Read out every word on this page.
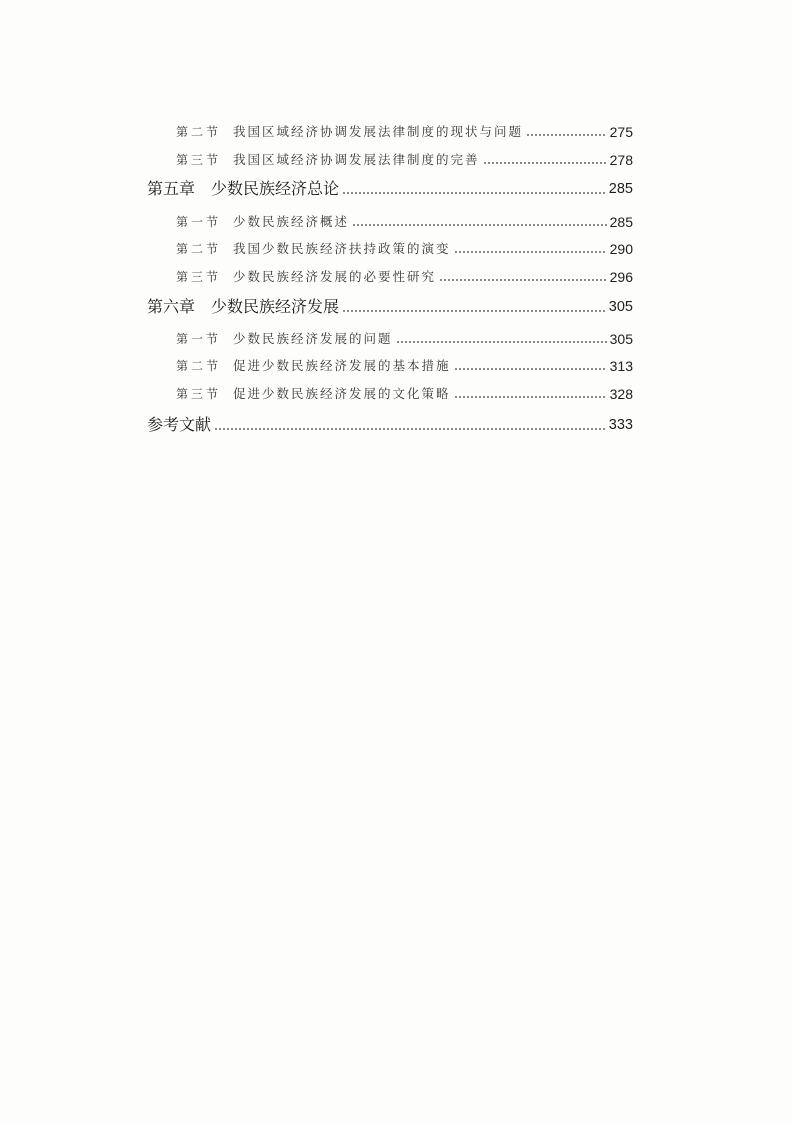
第二节 我国区域经济协调发展法律制度的现状与问题	275
第三节 我国区域经济协调发展法律制度的完善	278
第五章 少数民族经济总论	285
第一节 少数民族经济概述	285
第二节 我国少数民族经济扶持政策的演变	290
第三节 少数民族经济发展的必要性研究	296
第六章 少数民族经济发展	305
第一节 少数民族经济发展的问题	305
第二节 促进少数民族经济发展的基本措施	313
第三节 促进少数民族经济发展的文化策略	328
参考文献	333
